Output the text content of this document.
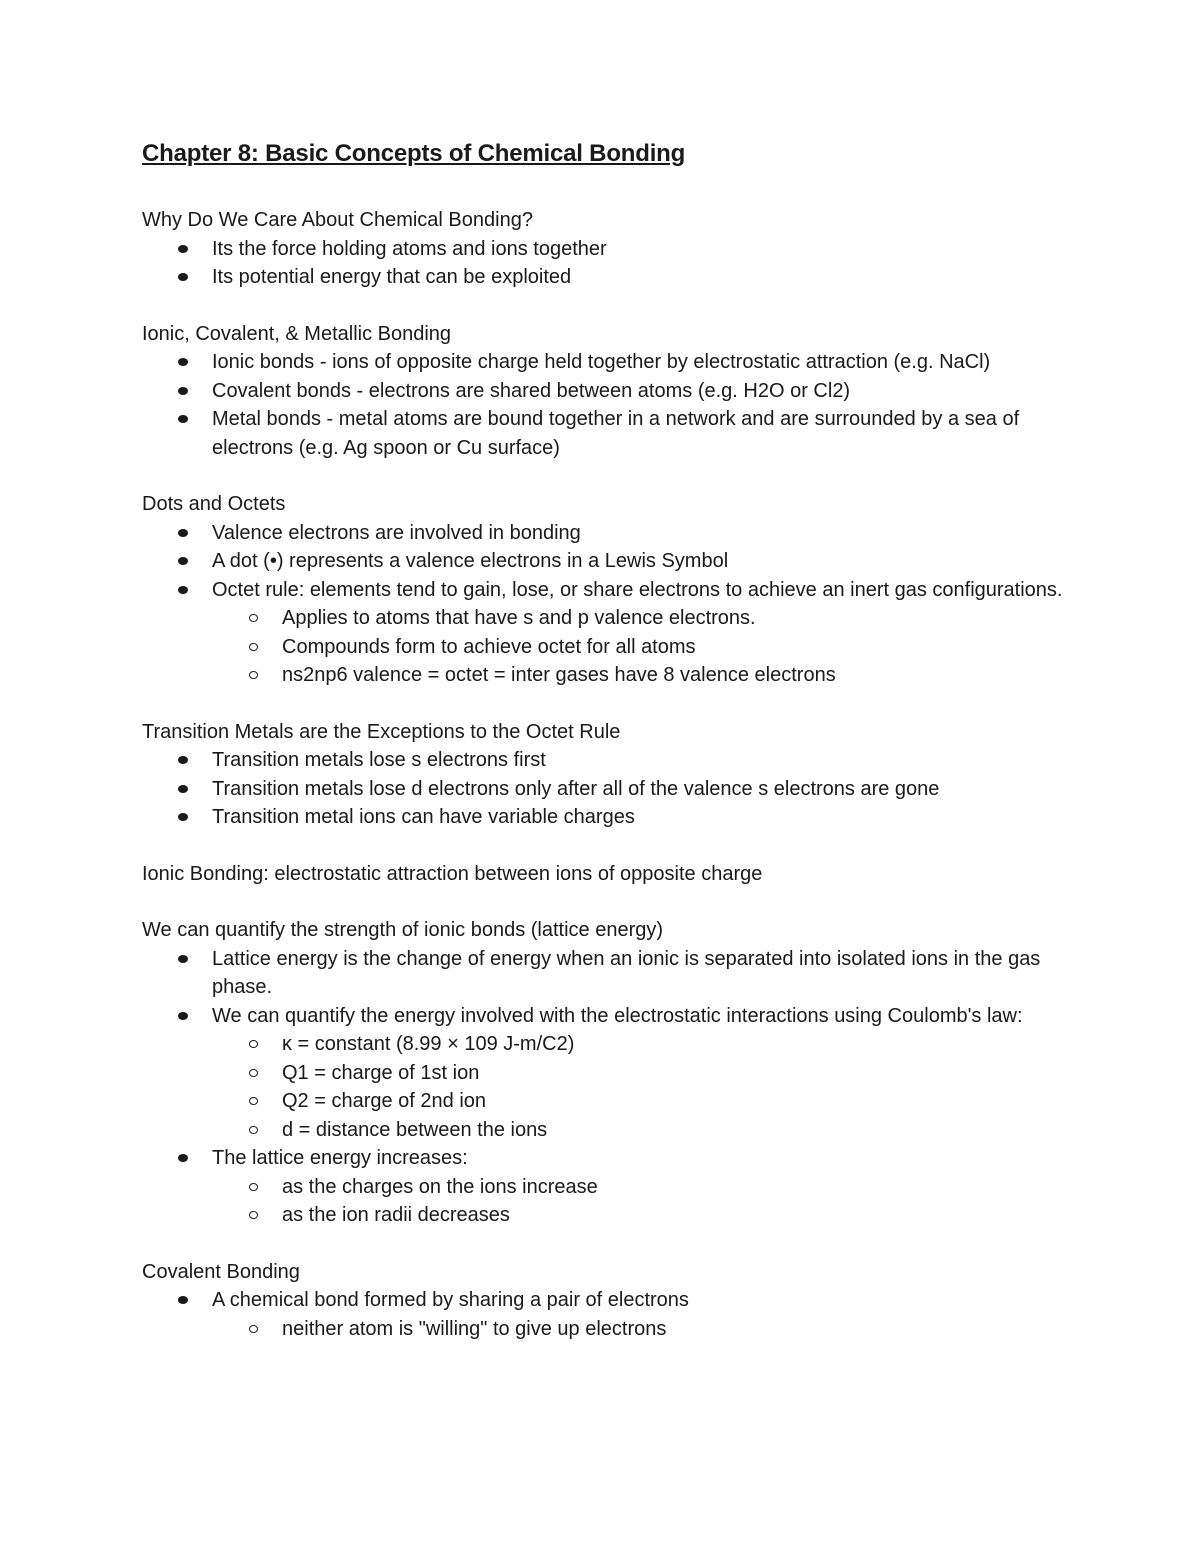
Chapter 8: Basic Concepts of Chemical Bonding
Why Do We Care About Chemical Bonding?
Its the force holding atoms and ions together
Its potential energy that can be exploited
Ionic, Covalent, & Metallic Bonding
Ionic bonds - ions of opposite charge held together by electrostatic attraction (e.g. NaCl)
Covalent bonds - electrons are shared between atoms (e.g. H2O or Cl2)
Metal bonds - metal atoms are bound together in a network and are surrounded by a sea of electrons (e.g. Ag spoon or Cu surface)
Dots and Octets
Valence electrons are involved in bonding
A dot (•) represents a valence electrons in a Lewis Symbol
Octet rule: elements tend to gain, lose, or share electrons to achieve an inert gas configurations.
Applies to atoms that have s and p valence electrons.
Compounds form to achieve octet for all atoms
ns2np6 valence = octet = inter gases have 8 valence electrons
Transition Metals are the Exceptions to the Octet Rule
Transition metals lose s electrons first
Transition metals lose d electrons only after all of the valence s electrons are gone
Transition metal ions can have variable charges
Ionic Bonding: electrostatic attraction between ions of opposite charge
We can quantify the strength of ionic bonds (lattice energy)
Lattice energy is the change of energy when an ionic is separated into isolated ions in the gas phase.
We can quantify the energy involved with the electrostatic interactions using Coulomb's law:
κ = constant (8.99 × 109 J-m/C2)
Q1 = charge of 1st ion
Q2 = charge of 2nd ion
d = distance between the ions
The lattice energy increases:
as the charges on the ions increase
as the ion radii decreases
Covalent Bonding
A chemical bond formed by sharing a pair of electrons
neither atom is "willing" to give up electrons
